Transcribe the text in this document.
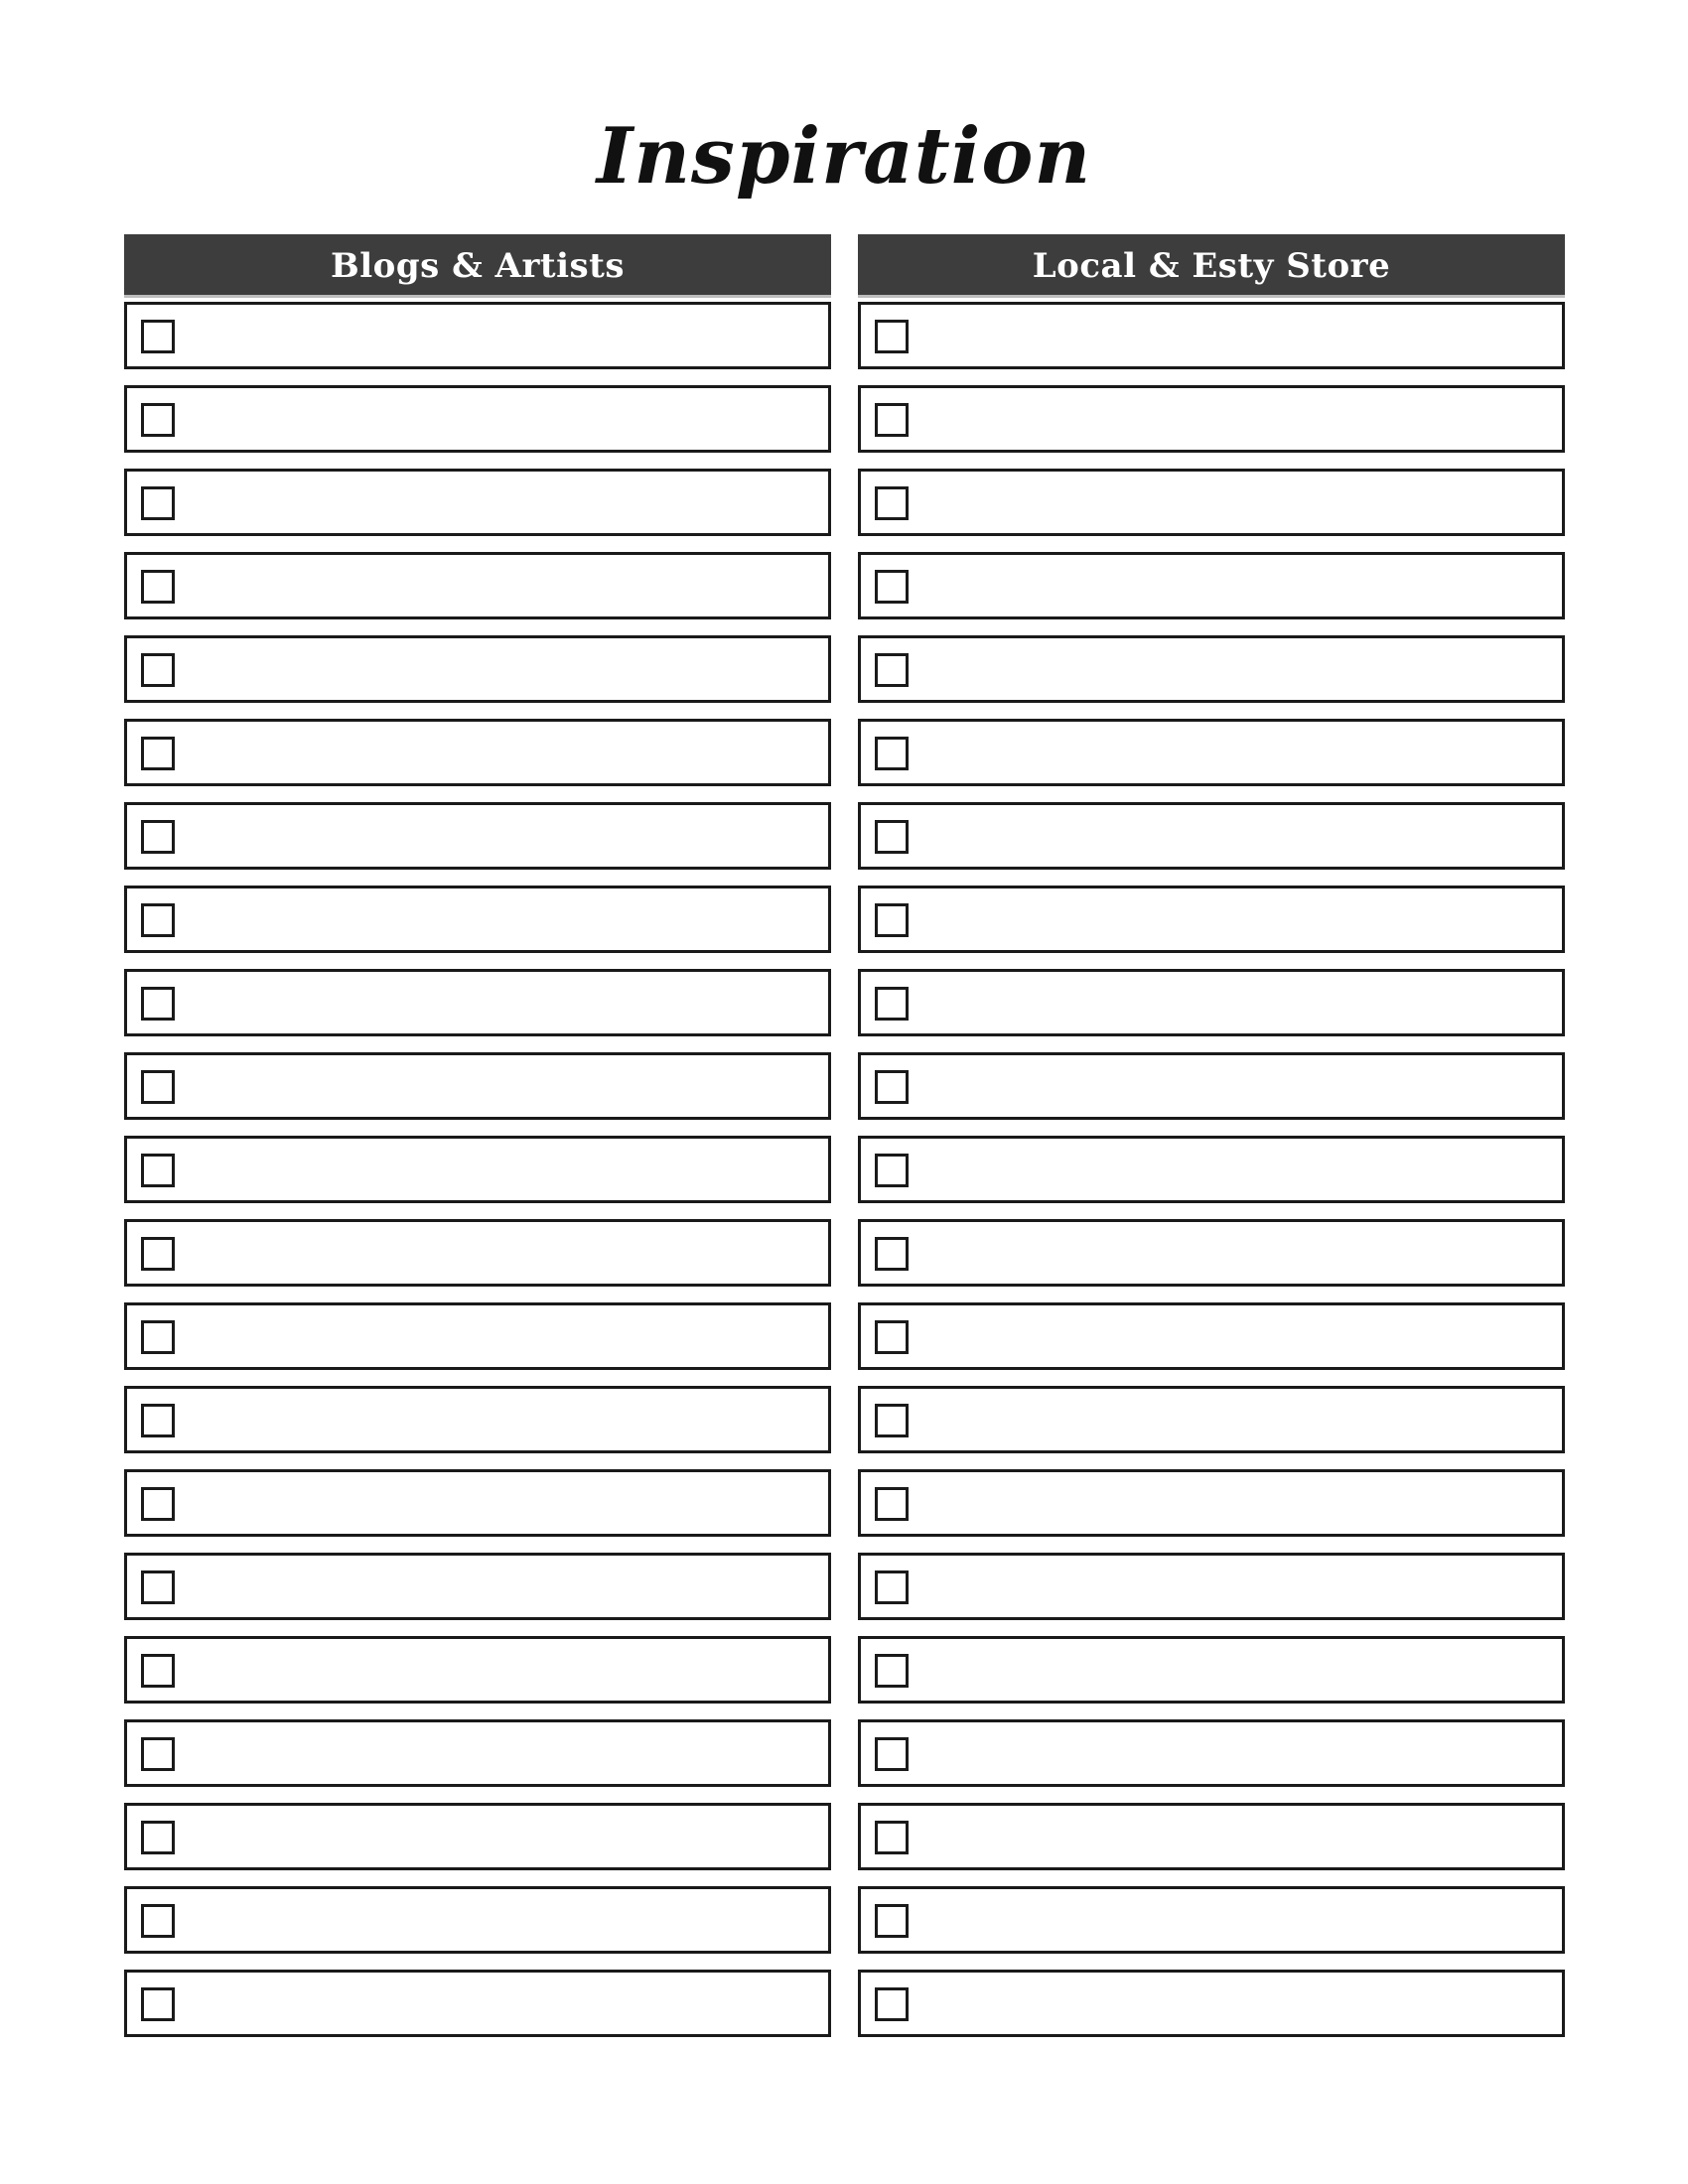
Inspiration
Blogs & Artists	Local & Esty Store
